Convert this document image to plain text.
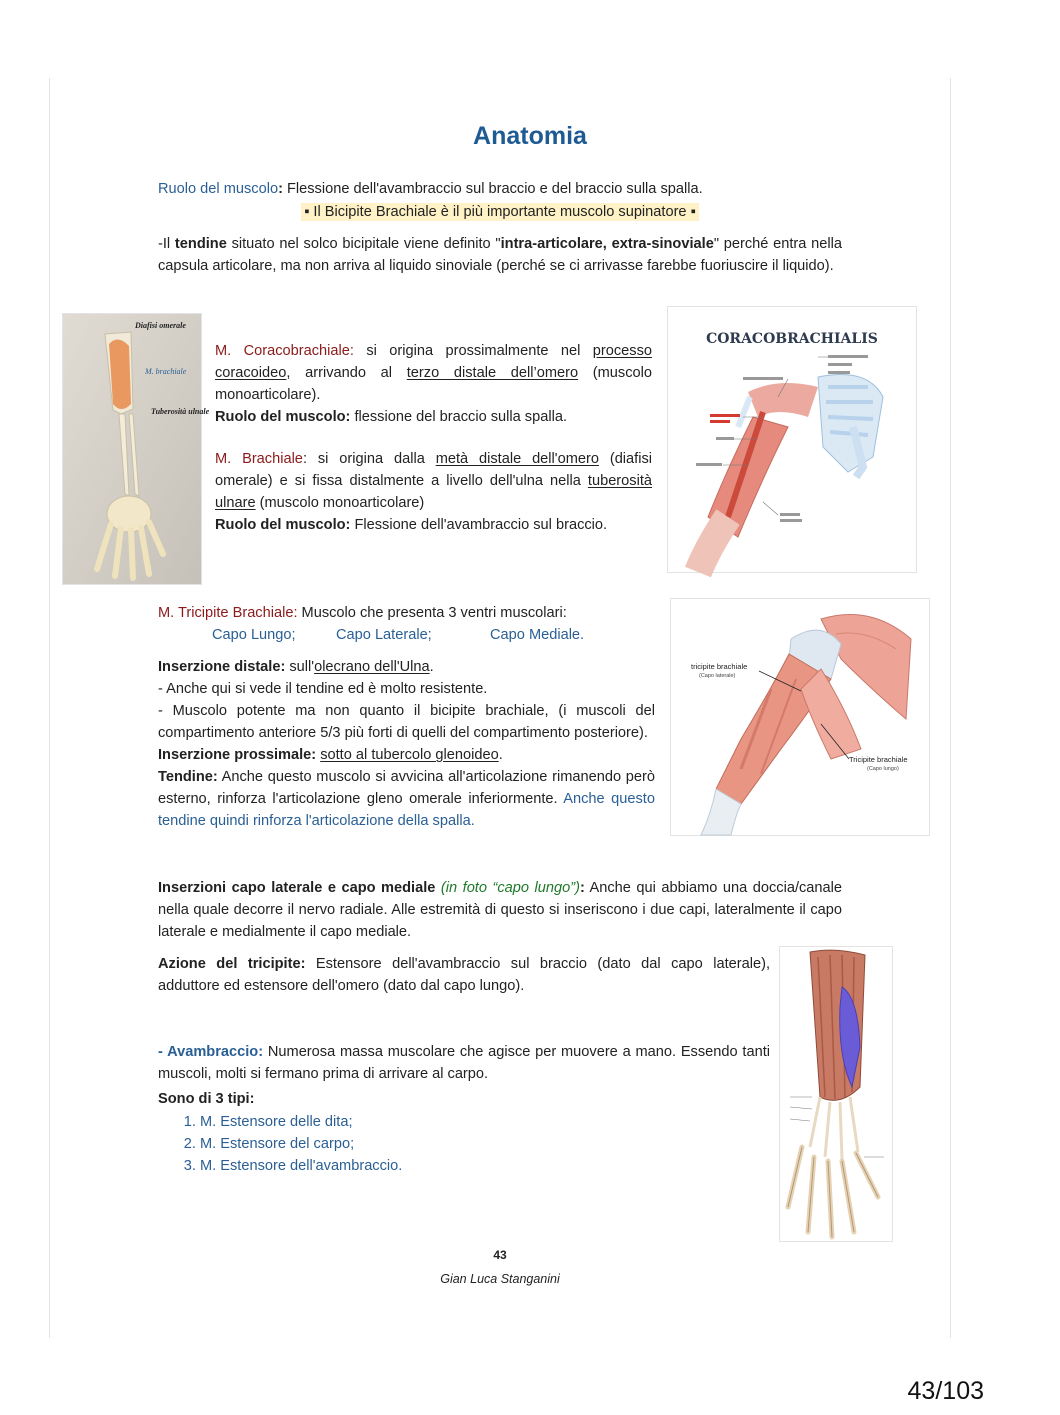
Anatomia
Ruolo del muscolo: Flessione dell'avambraccio sul braccio e del braccio sulla spalla.
▪ Il Bicipite Brachiale è il più importante muscolo supinatore ▪
-Il tendine situato nel solco bicipitale viene definito "intra-articolare, extra-sinoviale" perché entra nella capsula articolare, ma non arriva al liquido sinoviale (perché se ci arrivasse farebbe fuoriuscire il liquido).
Diafisi omerale
M. brachiale
Tuberosità ulnale
M. Coracobrachiale: si origina prossimalmente nel processo coracoideo, arrivando al terzo distale dell’omero (muscolo monoarticolare).
Ruolo del muscolo: flessione del braccio sulla spalla.
M. Brachiale: si origina dalla metà distale dell'omero (diafisi omerale) e si fissa distalmente a livello dell'ulna nella tuberosità ulnare (muscolo monoarticolare)
Ruolo del muscolo: Flessione dell'avambraccio sul braccio.
CORACOBRACHIALIS
M. Tricipite Brachiale: Muscolo che presenta 3 ventri muscolari:
Capo Lungo;	Capo Laterale;	Capo Mediale.
Inserzione distale: sull'olecrano dell'Ulna.
- Anche qui si vede il tendine ed è molto resistente.
- Muscolo potente ma non quanto il bicipite brachiale, (i muscoli del compartimento anteriore 5/3 più forti di quelli del compartimento posteriore).
Inserzione prossimale: sotto al tubercolo glenoideo.
Tendine: Anche questo muscolo si avvicina all'articolazione rimanendo però esterno, rinforza l'articolazione gleno omerale inferiormente. Anche questo tendine quindi rinforza l'articolazione della spalla.
Inserzioni capo laterale e capo mediale (in foto “capo lungo”): Anche qui abbiamo una doccia/canale nella quale decorre il nervo radiale. Alle estremità di questo si inseriscono i due capi, lateralmente il capo laterale e medialmente il capo mediale.
Azione del tricipite: Estensore dell'avambraccio sul braccio (dato dal capo laterale), adduttore ed estensore dell'omero (dato dal capo lungo).
tricipite brachiale
(Capo laterale)
Tricipite brachiale
(Capo lungo)
- Avambraccio: Numerosa massa muscolare che agisce per muovere a mano. Essendo tanti muscoli, molti si fermano prima di arrivare al carpo.
Sono di 3 tipi:
1. M. Estensore delle dita;
2. M. Estensore del carpo;
3. M. Estensore dell'avambraccio.
43
Gian Luca Stanganini
43/103
